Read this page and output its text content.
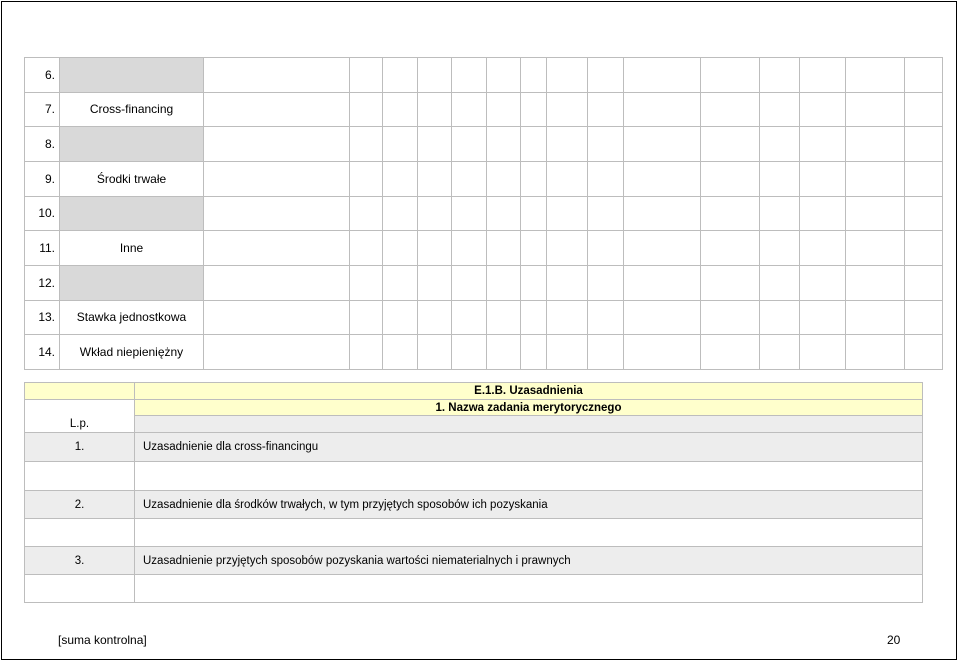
6.																
7.	Cross-financing															
8.																
9.	Środki trwałe															
10.																
11.	Inne															
12.																
13.	Stawka jednostkowa															
14.	Wkład niepieniężny															
	E.1.B. Uzasadnienia
L.p.	1. Nazwa zadania merytorycznego

1.	Uzasadnienie dla cross-financingu

2.	Uzasadnienie dla środków trwałych, w tym przyjętych sposobów ich pozyskania

3.	Uzasadnienie przyjętych sposobów pozyskania wartości niematerialnych i prawnych

[suma kontrolna]	20
